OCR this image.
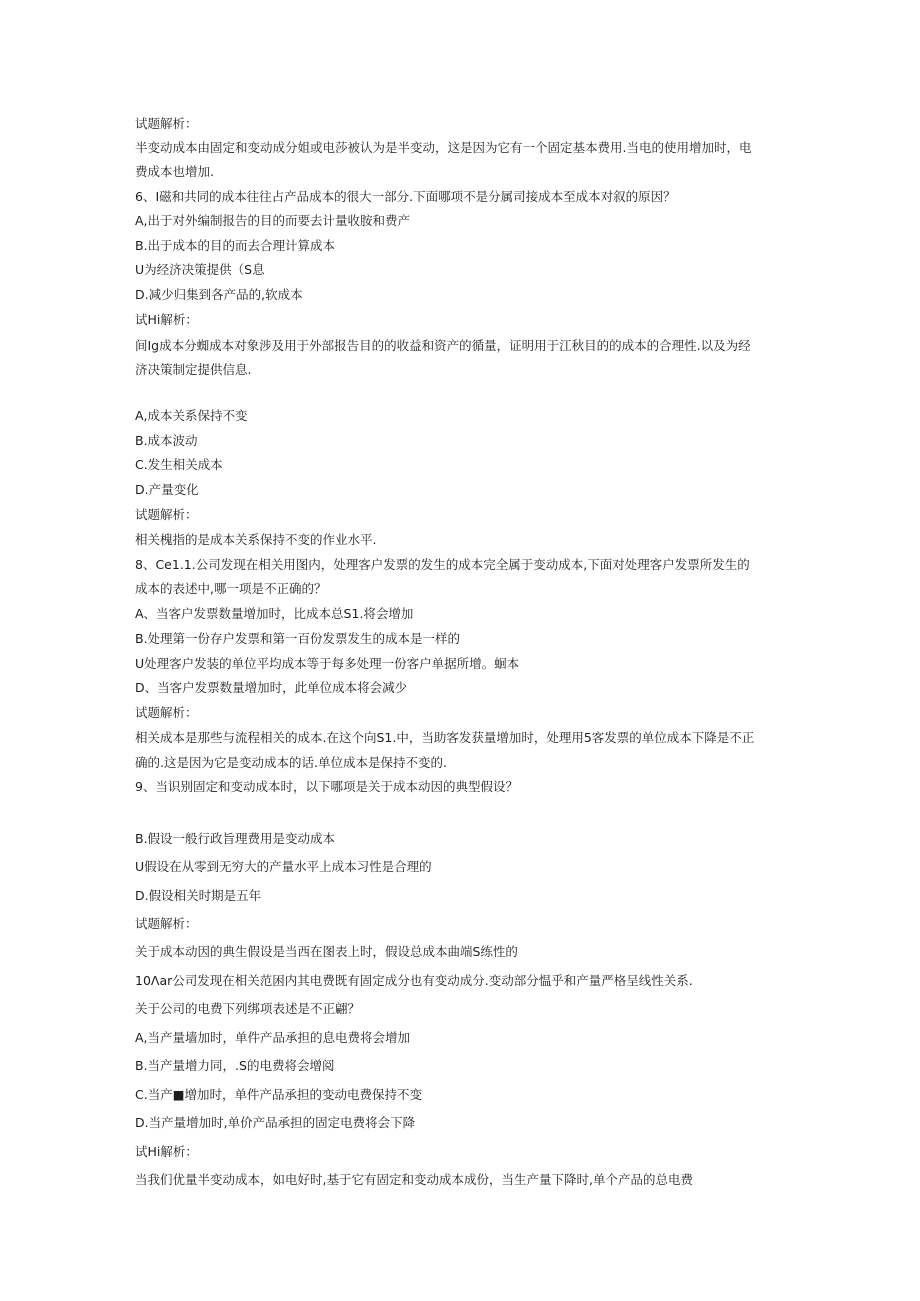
试题解析：

半变动成本由固定和变动成分姐或电莎被认为是半变动，这是因为它有一个固定基本费用.当电的使用增加时，电

费成本也增加.

6、I磁和共同的成本往往占产品成本的很大一部分.下面哪项不是分属司接成本至成本对叙的原因？

A,出于对外编制报告的目的而要去计量收胺和费产

B.出于成本的目的而去合理计算成本

U为经济决策提供（S息

D.减少归集到各产品的,软成本

试Hi解析：

间Ig成本分蜘成本对象涉及用于外部报告目的的收益和资产的循量，证明用于江秋目的的成本的合理性.以及为经

济决策制定提供信息.

A,成本关系保持不变

B.成本波动

C.发生相关成本

D.产量变化

试题解析：

相关槐指的是成本关系保持不变的作业水平.

8、Ce1.1.公司发现在相关用图内，处理客户发票的发生的成本完全属于变动成本,下面对处理客户发票所发生的

成本的表述中,哪一项是不正确的？

A、当客户发票数量增加时，比成本总S1.将会增加

B.处理第一份存户发票和第一百份发票发生的成本是一样的

U处理客户发装的单位平均成本等于每多处理一份客户单据所增。蛔本

D、当客户发票数量增加时，此单位成本将会减少

试题解析：

相关成本是那些与流程相关的成本.在这个向S1.中，当助客发获量增加时，处理用5客发票的单位成本下降是不正

确的.这是因为它是变动成本的话.单位成本是保持不变的.

9、当识别固定和变动成本时，以下哪项是关于成本动因的典型假设？

B.假设一般行政旨理费用是变动成本

U假设在从零到无穷大的产量水平上成本习性是合理的

D.假设相关时期是五年

试题解析：

关于成本动因的典生假设是当西在图表上时，假设总成本曲端S练性的

10Λar公司发现在相关范困内其电费既有固定成分也有变动成分.变动部分愠乎和产量严格呈线性关系.

关于公司的电费下列绑项表述是不正翩？

A,当产量墙加时，单件产品承担的息电费将会增加

B.当产量增力同，.S的电费将会增阅

C.当产■增加时，单件产品承担的变动电费保持不变

D.当产量增加时,单价产品承担的固定电费将会下降

试Hi解析：

当我们优量半变动成本，如电好时,基于它有固定和变动成本成份，当生产量下降时,单个产品的总电费
